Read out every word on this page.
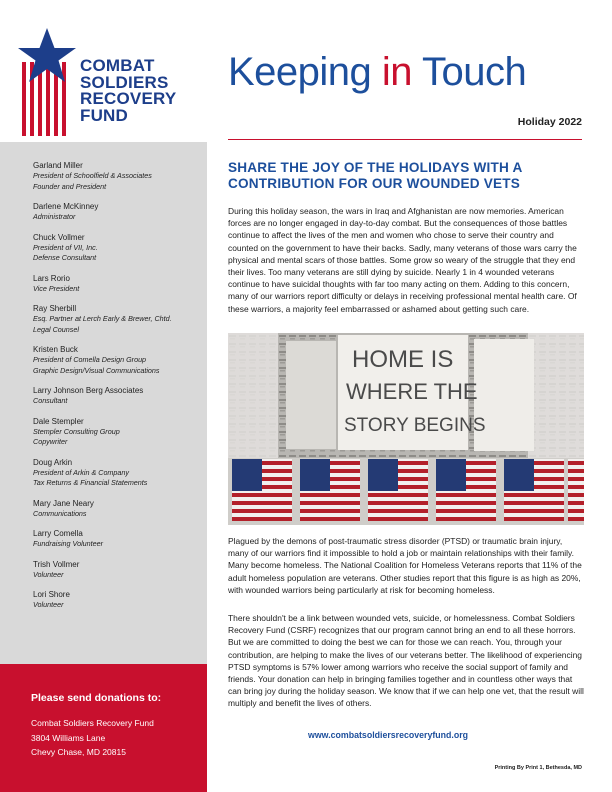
COMBAT
SOLDIERS
RECOVERY
FUND
Garland Miller
President of Schoolfield & Associates
Founder and President
Darlene McKinney
Administrator
Chuck Vollmer
President of VII, Inc.
Defense Consultant
Lars Rorio
Vice President
Ray Sherbill
Esq. Partner at Lerch Early & Brewer, Chtd.
Legal Counsel
Kristen Buck
President of Comella Design Group
Graphic Design/Visual Communications
Larry Johnson Berg Associates
Consultant
Dale Stempler
Stempler Consulting Group
Copywriter
Doug Arkin
President of Arkin & Company
Tax Returns & Financial Statements
Mary Jane Neary
Communications
Larry Comella
Fundraising Volunteer
Trish Vollmer
Volunteer
Lori Shore
Volunteer
Please send donations to:
Combat Soldiers Recovery Fund
3804 Williams Lane
Chevy Chase, MD 20815
Keeping in Touch
Holiday 2022
SHARE THE JOY OF THE HOLIDAYS WITH A CONTRIBUTION FOR OUR WOUNDED VETS
During this holiday season, the wars in Iraq and Afghanistan are now memories. American forces are no longer engaged in day-to-day combat. But the consequences of those battles continue to affect the lives of the men and women who chose to serve their country and counted on the government to have their backs. Sadly, many veterans of those wars carry the physical and mental scars of those battles. Some grow so weary of the struggle that they end their lives. Too many veterans are still dying by suicide. Nearly 1 in 4 wounded veterans continue to have suicidal thoughts with far too many acting on them. Adding to this concern, many of our warriors report difficulty or delays in receiving professional mental health care. Of these warriors, a majority feel embarrassed or ashamed about getting such care.
HOME IS
WHERE THE
STORY BEGINS
Plagued by the demons of post-traumatic stress disorder (PTSD) or traumatic brain injury, many of our warriors find it impossible to hold a job or maintain relationships with their family. Many become homeless. The National Coalition for Homeless Veterans reports that 11% of the adult homeless population are veterans. Other studies report that this figure is as high as 20%, with wounded warriors being particularly at risk for becoming homeless.
There shouldn't be a link between wounded vets, suicide, or homelessness. Combat Soldiers Recovery Fund (CSRF) recognizes that our program cannot bring an end to all these horrors. But we are committed to doing the best we can for those we can reach. You, through your contribution, are helping to make the lives of our veterans better. The likelihood of experiencing PTSD symptoms is 57% lower among warriors who receive the social support of family and friends. Your donation can help in bringing families together and in countless other ways that can bring joy during the holiday season. We know that if we can help one vet, that the result will multiply and benefit the lives of others.
www.combatsoldiersrecoveryfund.org
Printing By Print 1, Bethesda, MD
